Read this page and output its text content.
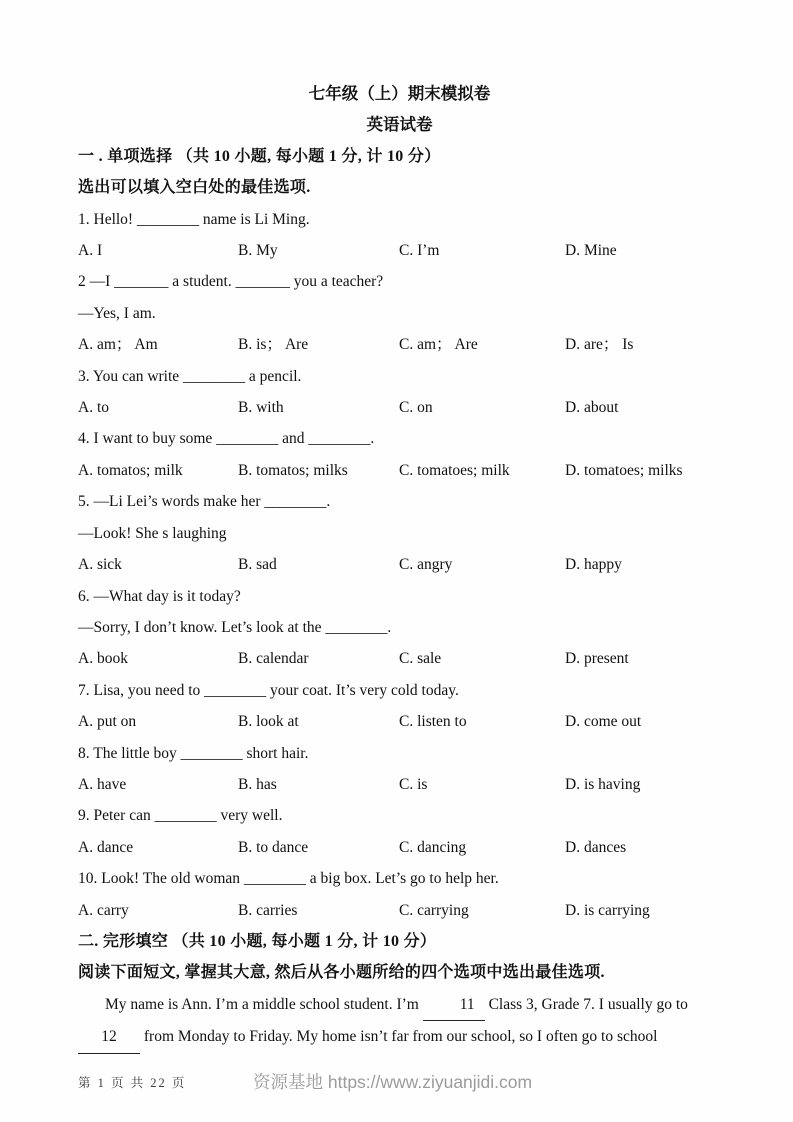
七年级（上）期末模拟卷
英语试卷
一 . 单项选择 （共 10 小题, 每小题 1 分, 计 10 分）
选出可以填入空白处的最佳选项.
1. Hello! ________ name is Li Ming.
A. I	B. My	C. I’m	D. Mine
2 —I _______ a student. _______ you a teacher?
—Yes, I am.
A. am； Am	B. is； Are	C. am； Are	D. are； Is
3. You can write ________ a pencil.
A. to	B. with	C. on	D. about
4. I want to buy some ________ and ________.
A. tomatos; milk	B. tomatos; milks	C. tomatoes; milk	D. tomatoes; milks
5. —Li Lei’s words make her ________.
—Look! She s laughing
A. sick	B. sad	C. angry	D. happy
6. —What day is it today?
—Sorry, I don’t know. Let’s look at the ________.
A. book	B. calendar	C. sale	D. present
7. Lisa, you need to ________ your coat. It’s very cold today.
A. put on	B. look at	C. listen to	D. come out
8. The little boy ________ short hair.
A. have	B. has	C. is	D. is having
9. Peter can ________ very well.
A. dance	B. to dance	C. dancing	D. dances
10. Look! The old woman ________ a big box. Let’s go to help her.
A. carry	B. carries	C. carrying	D. is carrying
二. 完形填空 （共 10 小题, 每小题 1 分, 计 10 分）
阅读下面短文, 掌握其大意, 然后从各小题所给的四个选项中选出最佳选项.
My name is Ann. I’m a middle school student. I’m 11 Class 3, Grade 7. I usually go to
12 from Monday to Friday. My home isn’t far from our school, so I often go to school
第 1 页 共 22 页	资源基地 https://www.ziyuanjidi.com
